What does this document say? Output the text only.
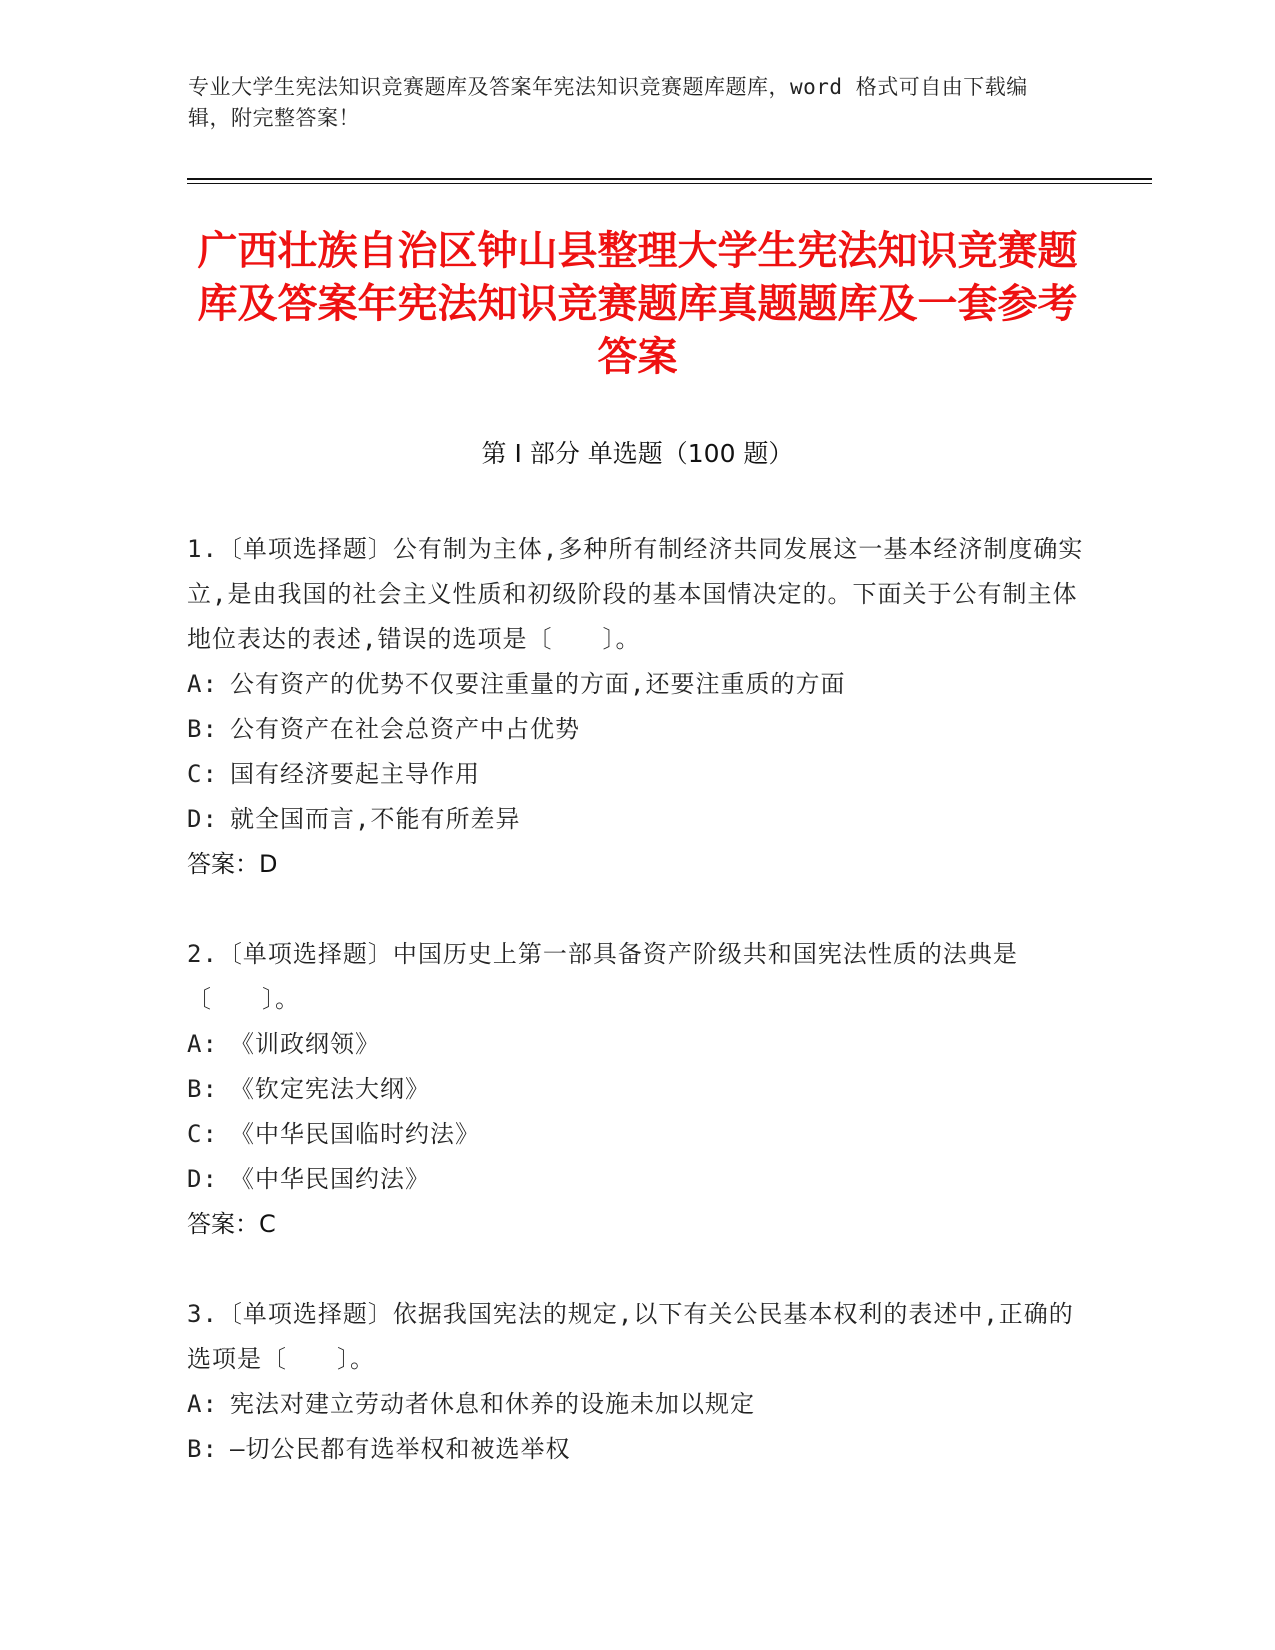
专业大学生宪法知识竞赛题库及答案年宪法知识竞赛题库题库，word 格式可自由下载编辑，附完整答案！
广西壮族自治区钟山县整理大学生宪法知识竞赛题库及答案年宪法知识竞赛题库真题题库及一套参考答案
第 I 部分 单选题（100 题）
1.〔单项选择题〕公有制为主体,多种所有制经济共同发展这一基本经济制度确实立,是由我国的社会主义性质和初级阶段的基本国情决定的。下面关于公有制主体地位表达的表述,错误的选项是〔　　〕。
A: 公有资产的优势不仅要注重量的方面,还要注重质的方面
B: 公有资产在社会总资产中占优势
C: 国有经济要起主导作用
D: 就全国而言,不能有所差异
答案：D
2.〔单项选择题〕中国历史上第一部具备资产阶级共和国宪法性质的法典是〔　　〕。
A: 《训政纲领》
B: 《钦定宪法大纲》
C: 《中华民国临时约法》
D: 《中华民国约法》
答案：C
3.〔单项选择题〕依据我国宪法的规定,以下有关公民基本权利的表述中,正确的选项是〔　　〕。
A: 宪法对建立劳动者休息和休养的设施未加以规定
B: —切公民都有选举权和被选举权
